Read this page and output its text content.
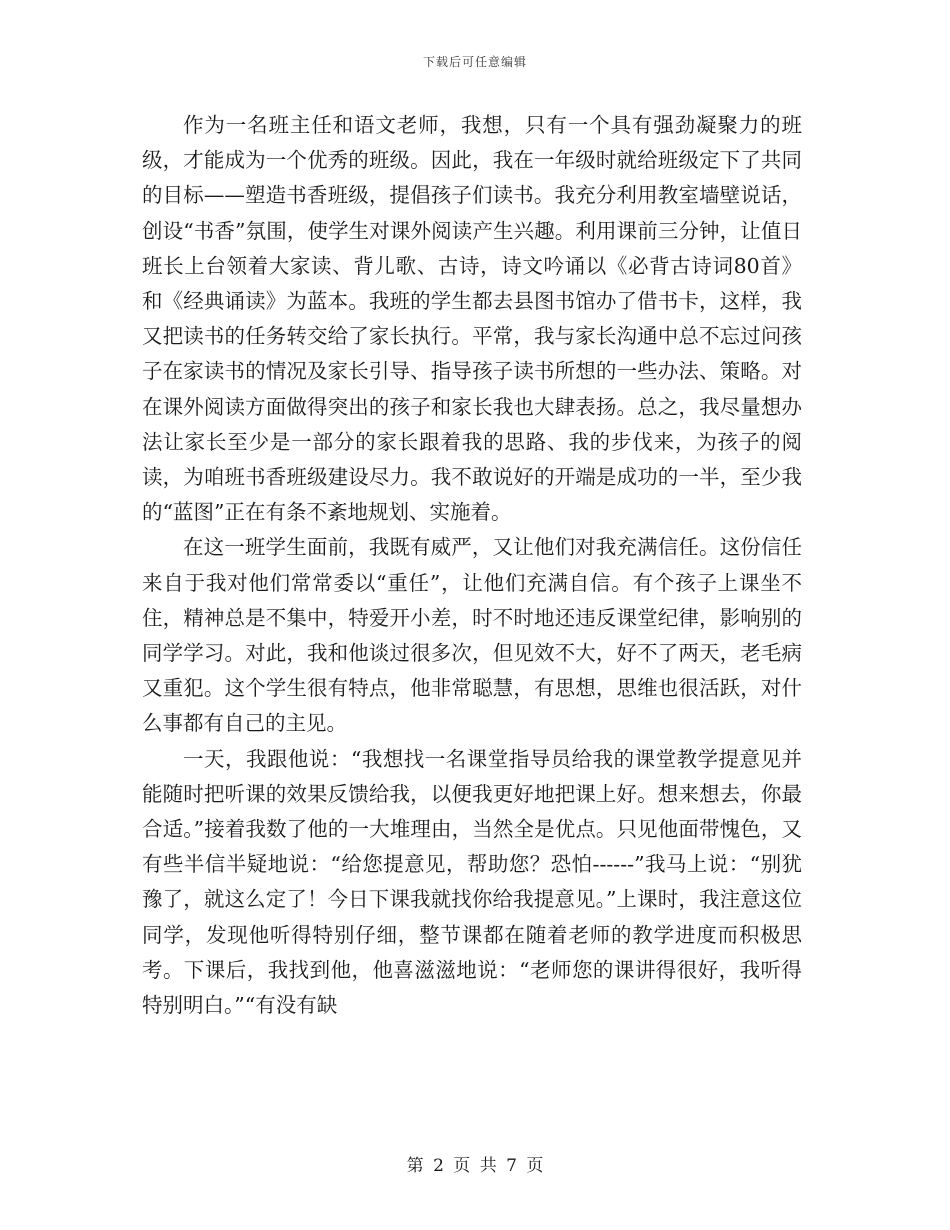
下载后可任意编辑

作为一名班主任和语文老师，我想，只有一个具有强劲凝聚力的班级，才能成为一个优秀的班级。因此，我在一年级时就给班级定下了共同的目标——塑造书香班级，提倡孩子们读书。我充分利用教室墙壁说话，创设“书香”氛围，使学生对课外阅读产生兴趣。利用课前三分钟，让值日班长上台领着大家读、背儿歌、古诗，诗文吟诵以《必背古诗词80首》和《经典诵读》为蓝本。我班的学生都去县图书馆办了借书卡，这样，我又把读书的任务转交给了家长执行。平常，我与家长沟通中总不忘过问孩子在家读书的情况及家长引导、指导孩子读书所想的一些办法、策略。对在课外阅读方面做得突出的孩子和家长我也大肆表扬。总之，我尽量想办法让家长至少是一部分的家长跟着我的思路、我的步伐来，为孩子的阅读，为咱班书香班级建设尽力。我不敢说好的开端是成功的一半，至少我的“蓝图”正在有条不紊地规划、实施着。

在这一班学生面前，我既有威严，又让他们对我充满信任。这份信任来自于我对他们常常委以“重任”，让他们充满自信。有个孩子上课坐不住，精神总是不集中，特爱开小差，时不时地还违反课堂纪律，影响别的同学学习。对此，我和他谈过很多次，但见效不大，好不了两天，老毛病又重犯。这个学生很有特点，他非常聪慧，有思想，思维也很活跃，对什么事都有自己的主见。

一天，我跟他说：“我想找一名课堂指导员给我的课堂教学提意见并能随时把听课的效果反馈给我，以便我更好地把课上好。想来想去，你最合适。”接着我数了他的一大堆理由，当然全是优点。只见他面带愧色，又有些半信半疑地说：“给您提意见，帮助您？恐怕------”我马上说：“别犹豫了，就这么定了！今日下课我就找你给我提意见。”上课时，我注意这位同学，发现他听得特别仔细，整节课都在随着老师的教学进度而积极思考。下课后，我找到他，他喜滋滋地说：“老师您的课讲得很好，我听得特别明白。”“有没有缺

第 2 页 共 7 页
